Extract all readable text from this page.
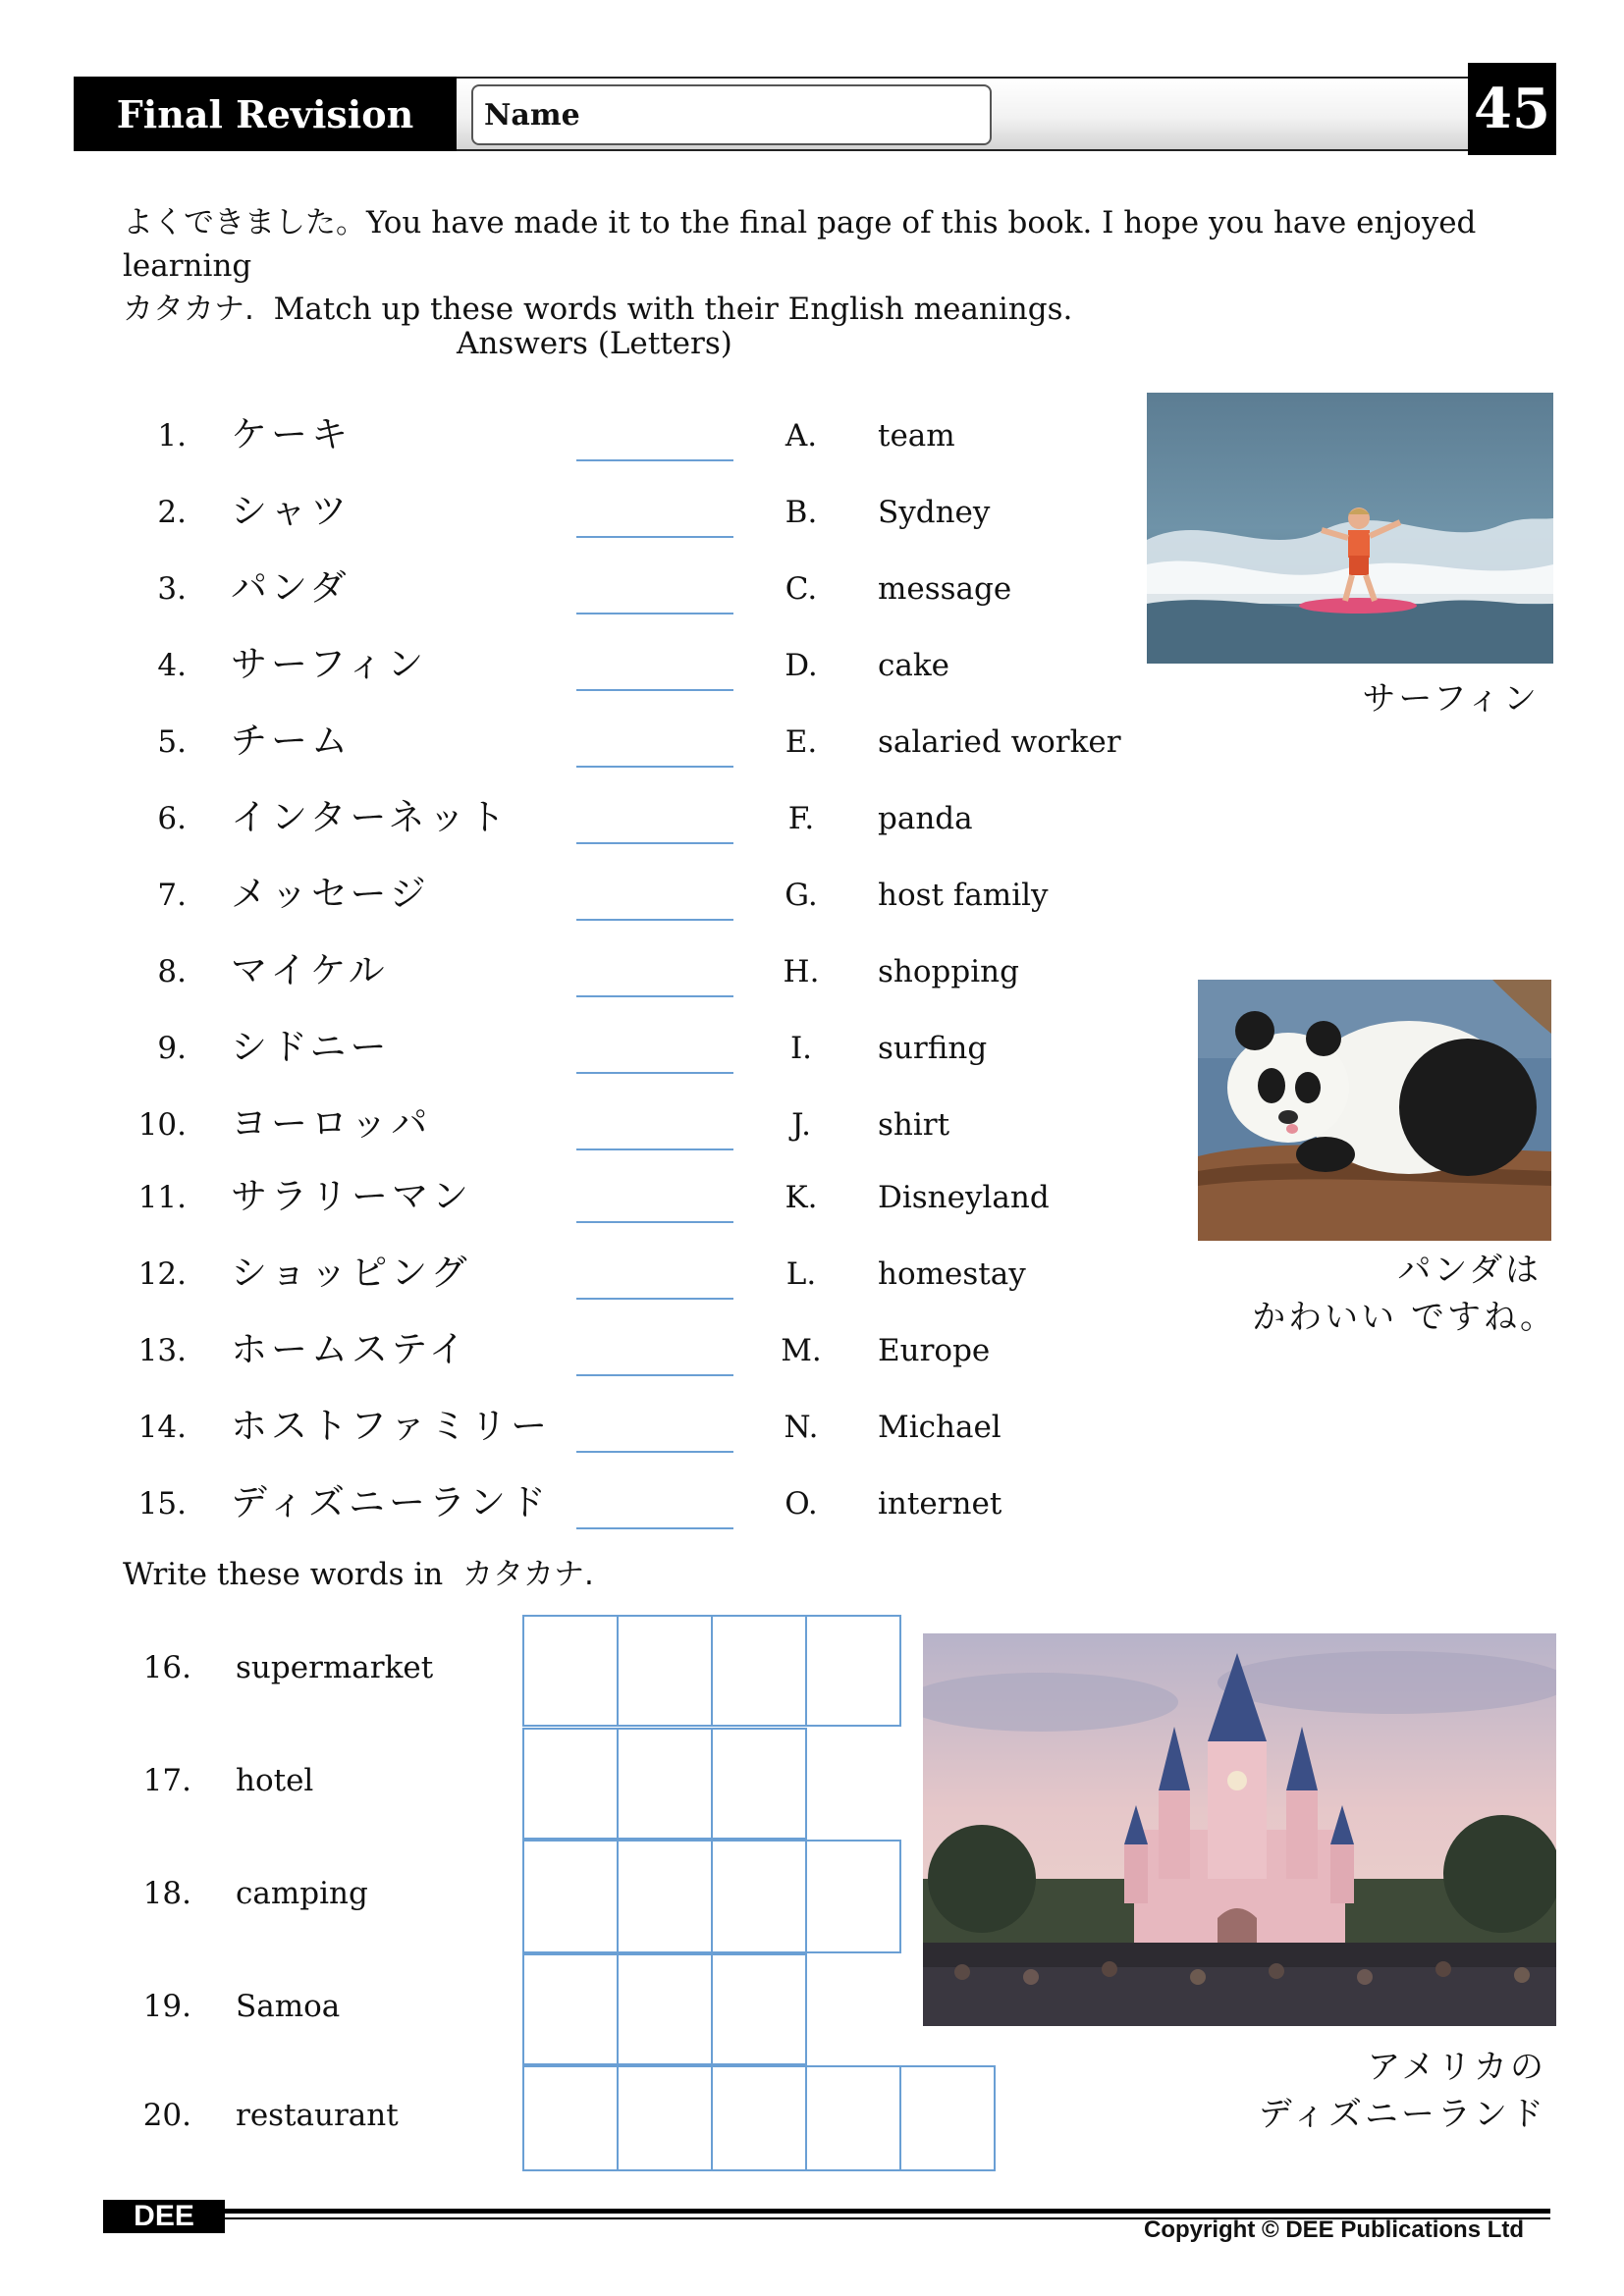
Final Revision	Name	45
よくできました。You have made it to the final page of this book. I hope you have enjoyed learning
カタカナ. Match up these words with their English meanings.
Answers (Letters)
1. ケーキ	A.	team
2. シャツ	B.	Sydney
3. パンダ	C.	message
4. サーフィン	D.	cake
5. チーム	E.	salaried worker
6. インターネット	F.	panda
7. メッセージ	G.	host family
8. マイケル	H.	shopping
9. シドニー	I.	surfing
10. ヨーロッパ	J.	shirt
11. サラリーマン	K.	Disneyland
12. ショッピング	L.	homestay
13. ホームステイ	M.	Europe
14. ホストファミリー	N.	Michael
15. ディズニーランド	O.	internet
Write these words in カタカナ.
16. supermarket
17. hotel
18. camping
19. Samoa
20. restaurant
サーフィン
パンダは
かわいい ですね。
アメリカの
ディズニーランド
DEE	Copyright © DEE Publications Ltd
